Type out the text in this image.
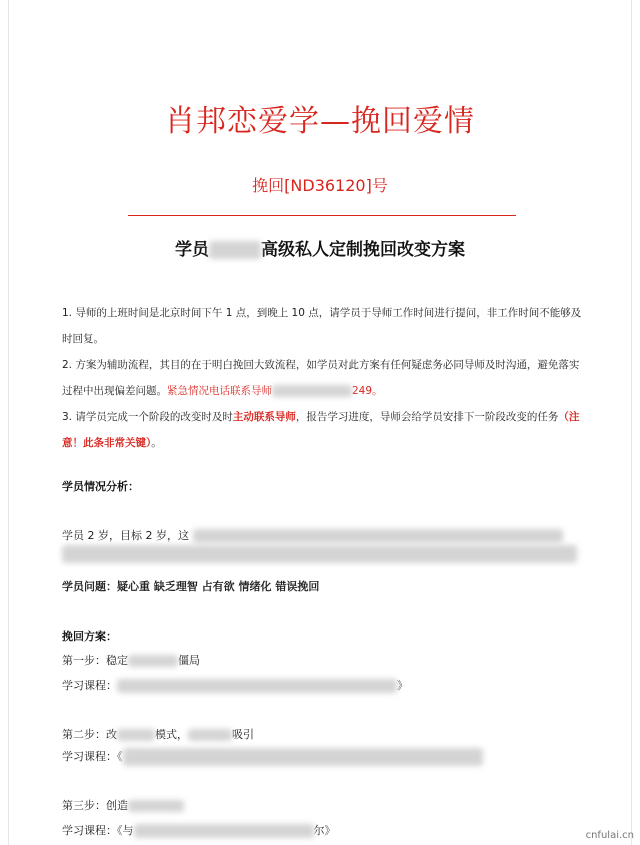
肖邦恋爱学—挽回爱情
挽回[ND36120]号
学员	高级私人定制挽回改变方案

1. 导师的上班时间是北京时间下午 1 点，到晚上 10 点，请学员于导师工作时间进行提问，非工作时间不能够及时回复。

2. 方案为辅助流程，其目的在于明白挽回大致流程，如学员对此方案有任何疑虑务必同导师及时沟通，避免落实过程中出现偏差问题。紧急情况电话联系导师	249。

3. 请学员完成一个阶段的改变时及时主动联系导师，报告学习进度，导师会给学员安排下一阶段改变的任务（注意！此条非常关键）。

学员情况分析：
学员 2 岁，目标 2 岁，这
学员问题：疑心重 缺乏理智 占有欲 情绪化 错误挽回
挽回方案：
第一步：稳定	僵局
学习课程：	》
第二步：改	模式，	吸引
学习课程：《
第三步：创造
学习课程：《与	尔》	cnfulai.cn
